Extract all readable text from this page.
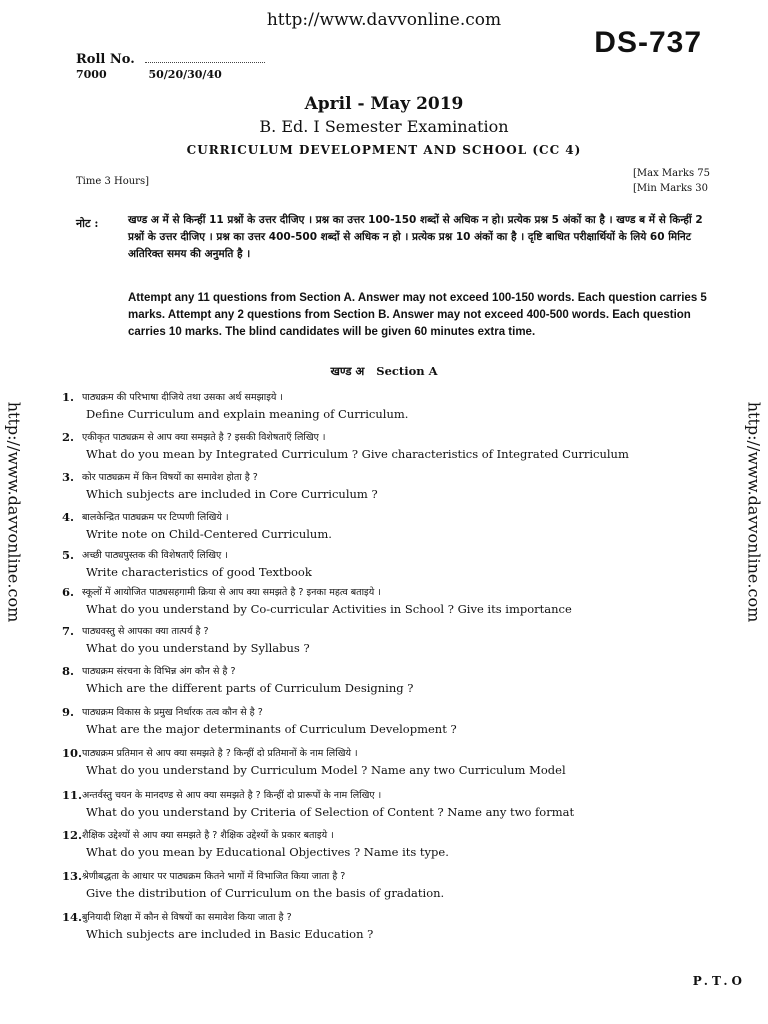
http://www.davvonline.com
DS-737
Roll No.
7000	50/20/30/40
April - May 2019
B. Ed. I Semester Examination
CURRICULUM DEVELOPMENT AND SCHOOL (CC 4)
Time 3 Hours]
[Max Marks 75
[Min Marks 30
नोट :	खण्ड अ में से किन्हीं 11 प्रश्नों के उत्तर दीजिए । प्रश्न का उत्तर 100-150 शब्दों से अधिक न हो। प्रत्येक प्रश्न 5 अंकों का है । खण्ड ब में से किन्हीं 2 प्रश्नों के उत्तर दीजिए । प्रश्न का उत्तर 400-500 शब्दों से अधिक न हो । प्रत्येक प्रश्न 10 अंकों का है । दृष्टि बाधित परीक्षार्थियों के लिये 60 मिनिट अतिरिक्त समय की अनुमति है ।
Attempt any 11 questions from Section A. Answer may not exceed 100-150 words. Each question carries 5 marks. Attempt any 2 questions from Section B. Answer may not exceed 400-500 words. Each question carries 10 marks. The blind candidates will be given 60 minutes extra time.
खण्ड अ Section A
http://www.davvonline.com	http://www.davvonline.com
1. पाठ्यक्रम की परिभाषा दीजिये तथा उसका अर्थ समझाइये ।
Define Curriculum and explain meaning of Curriculum.
2. एकीकृत पाठ्यक्रम से आप क्या समझते है ? इसकी विशेषताएँ लिखिए ।
What do you mean by Integrated Curriculum ? Give characteristics of Integrated Curriculum
3. कोर पाठ्यक्रम में किन विषयों का समावेश होता है ?
Which subjects are included in Core Curriculum ?
4. बालकेन्द्रित पाठ्यक्रम पर टिप्पणी लिखिये ।
Write note on Child-Centered Curriculum.
5. अच्छी पाठ्यपुस्तक की विशेषताएँ लिखिए ।
Write characteristics of good Textbook
6. स्कूलों में आयोजित पाठ्यसहगामी क्रिया से आप क्या समझते है ? इनका महत्व बताइये ।
What do you understand by Co-curricular Activities in School ? Give its importance
7. पाठ्यवस्तु से आपका क्या तात्पर्य है ?
What do you understand by Syllabus ?
8. पाठ्यक्रम संरचना के विभिन्न अंग कौन से है ?
Which are the different parts of Curriculum Designing ?
9. पाठ्यक्रम विकास के प्रमुख निर्धारक तत्व कौन से है ?
What are the major determinants of Curriculum Development ?
10. पाठ्यक्रम प्रतिमान से आप क्या समझते है ? किन्हीं दो प्रतिमानों के नाम लिखिये ।
What do you understand by Curriculum Model ? Name any two Curriculum Model
11. अन्तर्वस्तु चयन के मानदण्ड से आप क्या समझते है ? किन्हीं दो प्रारूपों के नाम लिखिए ।
What do you understand by Criteria of Selection of Content ? Name any two format
12. शैक्षिक उद्देश्यों से आप क्या समझते है ? शैक्षिक उद्देश्यों के प्रकार बताइये ।
What do you mean by Educational Objectives ? Name its type.
13. श्रेणीबद्धता के आधार पर पाठ्यक्रम कितने भागों में विभाजित किया जाता है ?
Give the distribution of Curriculum on the basis of gradation.
14. बुनियादी शिक्षा में कौन से विषयों का समावेश किया जाता है ?
Which subjects are included in Basic Education ?
P.T.O
